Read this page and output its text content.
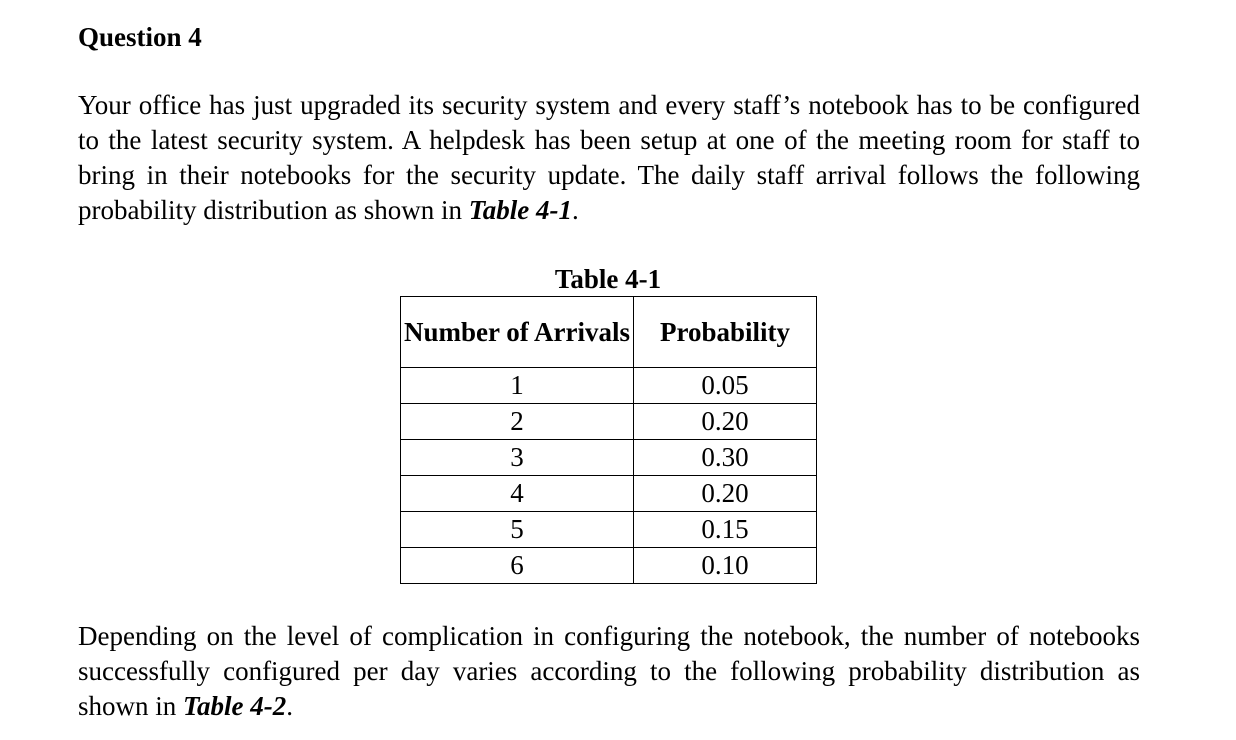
Question 4

Your office has just upgraded its security system and every staff’s notebook has to be configured to the latest security system. A helpdesk has been setup at one of the meeting room for staff to bring in their notebooks for the security update. The daily staff arrival follows the following probability distribution as shown in Table 4-1.

Table 4-1
Number of Arrivals	Probability
1	0.05
2	0.20
3	0.30
4	0.20
5	0.15
6	0.10

Depending on the level of complication in configuring the notebook, the number of notebooks successfully configured per day varies according to the following probability distribution as shown in Table 4-2.
